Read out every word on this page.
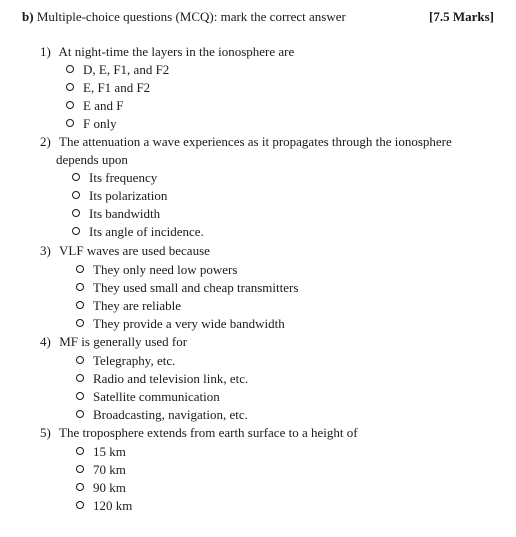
b) Multiple-choice questions (MCQ): mark the correct answer	[7.5 Marks]
1) At night-time the layers in the ionosphere are
D, E, F1, and F2
E, F1 and F2
E and F
F only
2) The attenuation a wave experiences as it propagates through the ionosphere
depends upon
Its frequency
Its polarization
Its bandwidth
Its angle of incidence.
3) VLF waves are used because
They only need low powers
They used small and cheap transmitters
They are reliable
They provide a very wide bandwidth
4) MF is generally used for
Telegraphy, etc.
Radio and television link, etc.
Satellite communication
Broadcasting, navigation, etc.
5) The troposphere extends from earth surface to a height of
15 km
70 km
90 km
120 km
